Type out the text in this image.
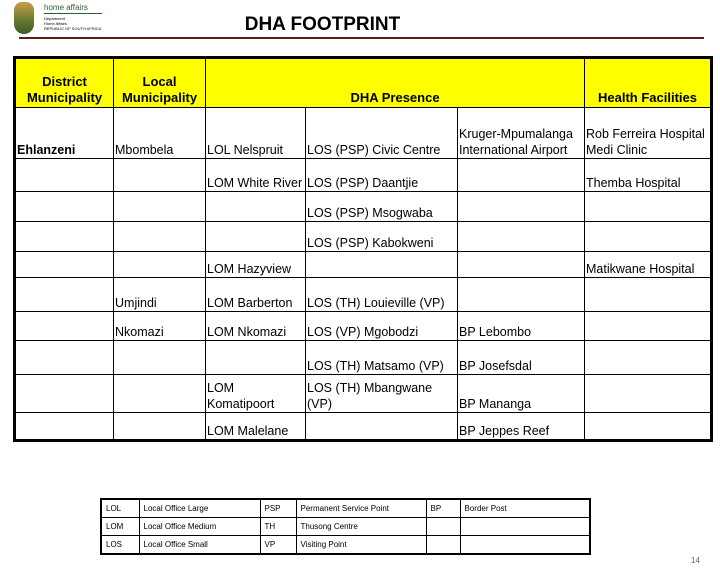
home affairs
Department
Home Affairs
REPUBLIC OF SOUTH AFRICA	DHA FOOTPRINT
District Municipality	Local Municipality	DHA Presence			Health Facilities
Ehlanzeni	Mbombela	LOL Nelspruit	LOS (PSP) Civic Centre	Kruger-Mpumalanga International Airport	Rob Ferreira Hospital Medi Clinic
		LOM White River	LOS (PSP) Daantjie		Themba Hospital
			LOS (PSP) Msogwaba		
			LOS (PSP) Kabokweni		
		LOM Hazyview			Matikwane Hospital
	Umjindi	LOM Barberton	LOS (TH) Louieville (VP)		
	Nkomazi	LOM Nkomazi	LOS (VP) Mgobodzi	BP Lebombo	
			LOS (TH) Matsamo (VP)	BP Josefsdal	
		LOM Komatipoort	LOS (TH) Mbangwane (VP)	BP Mananga	
		LOM Malelane		BP Jeppes Reef	
LOL	Local Office Large	PSP	Permanent Service Point	BP	Border Post
LOM	Local Office Medium	TH	Thusong Centre		
LOS	Local Office Small	VP	Visiting Point		
14
